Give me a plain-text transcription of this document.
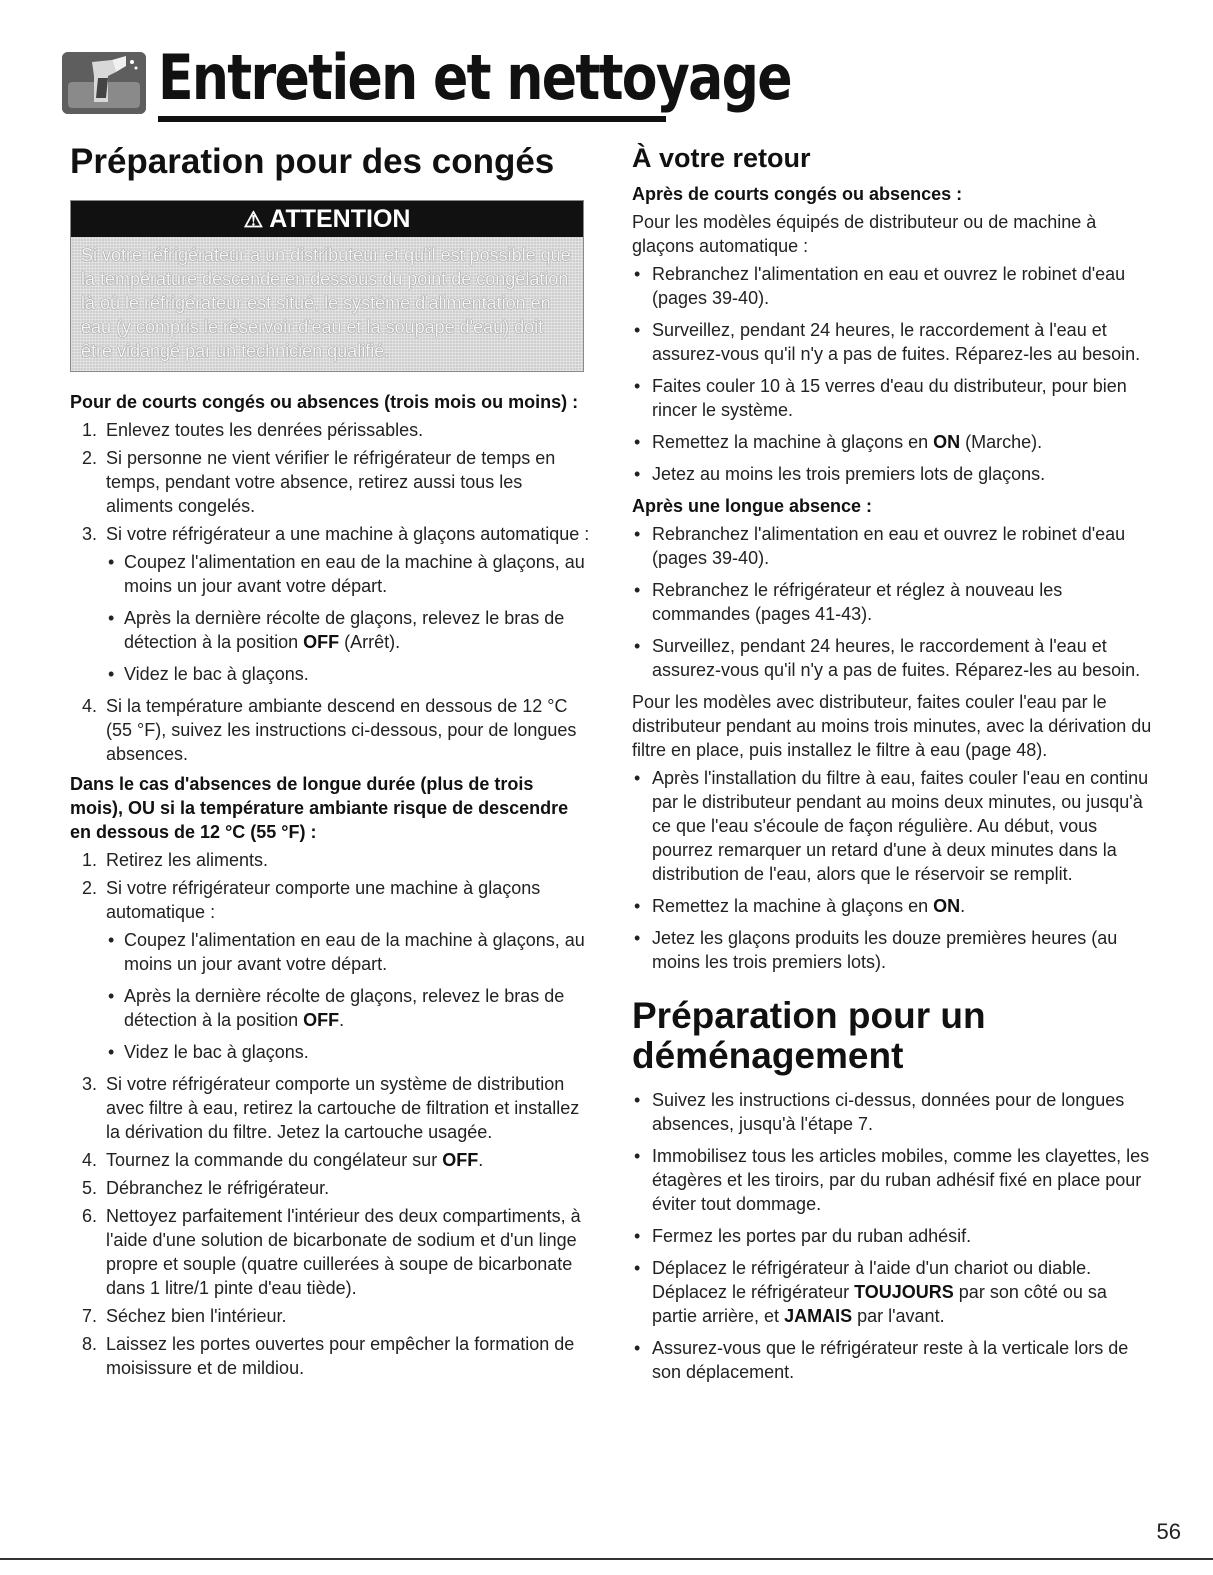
Entretien et nettoyage
Préparation pour des congés
⚠ ATTENTION
Si votre réfrigérateur a un distributeur et qu'il est possible que la température descende en dessous du point de congélation là où le réfrigérateur est situé, le système d'alimentation en eau (y compris le réservoir d'eau et la soupape d'eau) doit être vidangé par un technicien qualifié.
Pour de courts congés ou absences (trois mois ou moins) :
1. Enlevez toutes les denrées périssables.
2. Si personne ne vient vérifier le réfrigérateur de temps en temps, pendant votre absence, retirez aussi tous les aliments congelés.
3. Si votre réfrigérateur a une machine à glaçons automatique :
• Coupez l'alimentation en eau de la machine à glaçons, au moins un jour avant votre départ.
• Après la dernière récolte de glaçons, relevez le bras de détection à la position OFF (Arrêt).
• Videz le bac à glaçons.
4. Si la température ambiante descend en dessous de 12 °C (55 °F), suivez les instructions ci-dessous, pour de longues absences.
Dans le cas d'absences de longue durée (plus de trois mois), OU si la température ambiante risque de descendre en dessous de 12 °C (55 °F) :
1. Retirez les aliments.
2. Si votre réfrigérateur comporte une machine à glaçons automatique :
• Coupez l'alimentation en eau de la machine à glaçons, au moins un jour avant votre départ.
• Après la dernière récolte de glaçons, relevez le bras de détection à la position OFF.
• Videz le bac à glaçons.
3. Si votre réfrigérateur comporte un système de distribution avec filtre à eau, retirez la cartouche de filtration et installez la dérivation du filtre. Jetez la cartouche usagée.
4. Tournez la commande du congélateur sur OFF.
5. Débranchez le réfrigérateur.
6. Nettoyez parfaitement l'intérieur des deux compartiments, à l'aide d'une solution de bicarbonate de sodium et d'un linge propre et souple (quatre cuillerées à soupe de bicarbonate dans 1 litre/1 pinte d'eau tiède).
7. Séchez bien l'intérieur.
8. Laissez les portes ouvertes pour empêcher la formation de moisissure et de mildiou.
À votre retour
Après de courts congés ou absences :

Pour les modèles équipés de distributeur ou de machine à glaçons automatique :

• Rebranchez l'alimentation en eau et ouvrez le robinet d'eau (pages 39-40).
• Surveillez, pendant 24 heures, le raccordement à l'eau et assurez-vous qu'il n'y a pas de fuites. Réparez-les au besoin.
• Faites couler 10 à 15 verres d'eau du distributeur, pour bien rincer le système.
• Remettez la machine à glaçons en ON (Marche).
• Jetez au moins les trois premiers lots de glaçons.
Après une longue absence :
• Rebranchez l'alimentation en eau et ouvrez le robinet d'eau (pages 39-40).
• Rebranchez le réfrigérateur et réglez à nouveau les commandes (pages 41-43).
• Surveillez, pendant 24 heures, le raccordement à l'eau et assurez-vous qu'il n'y a pas de fuites. Réparez-les au besoin.

Pour les modèles avec distributeur, faites couler l'eau par le distributeur pendant au moins trois minutes, avec la dérivation du filtre en place, puis installez le filtre à eau (page 48).

• Après l'installation du filtre à eau, faites couler l'eau en continu par le distributeur pendant au moins deux minutes, ou jusqu'à ce que l'eau s'écoule de façon régulière. Au début, vous pourrez remarquer un retard d'une à deux minutes dans la distribution de l'eau, alors que le réservoir se remplit.
• Remettez la machine à glaçons en ON.
• Jetez les glaçons produits les douze premières heures (au moins les trois premiers lots).
Préparation pour un déménagement
• Suivez les instructions ci-dessus, données pour de longues absences, jusqu'à l'étape 7.
• Immobilisez tous les articles mobiles, comme les clayettes, les étagères et les tiroirs, par du ruban adhésif fixé en place pour éviter tout dommage.
• Fermez les portes par du ruban adhésif.
• Déplacez le réfrigérateur à l'aide d'un chariot ou diable. Déplacez le réfrigérateur TOUJOURS par son côté ou sa partie arrière, et JAMAIS par l'avant.
• Assurez-vous que le réfrigérateur reste à la verticale lors de son déplacement.
56
